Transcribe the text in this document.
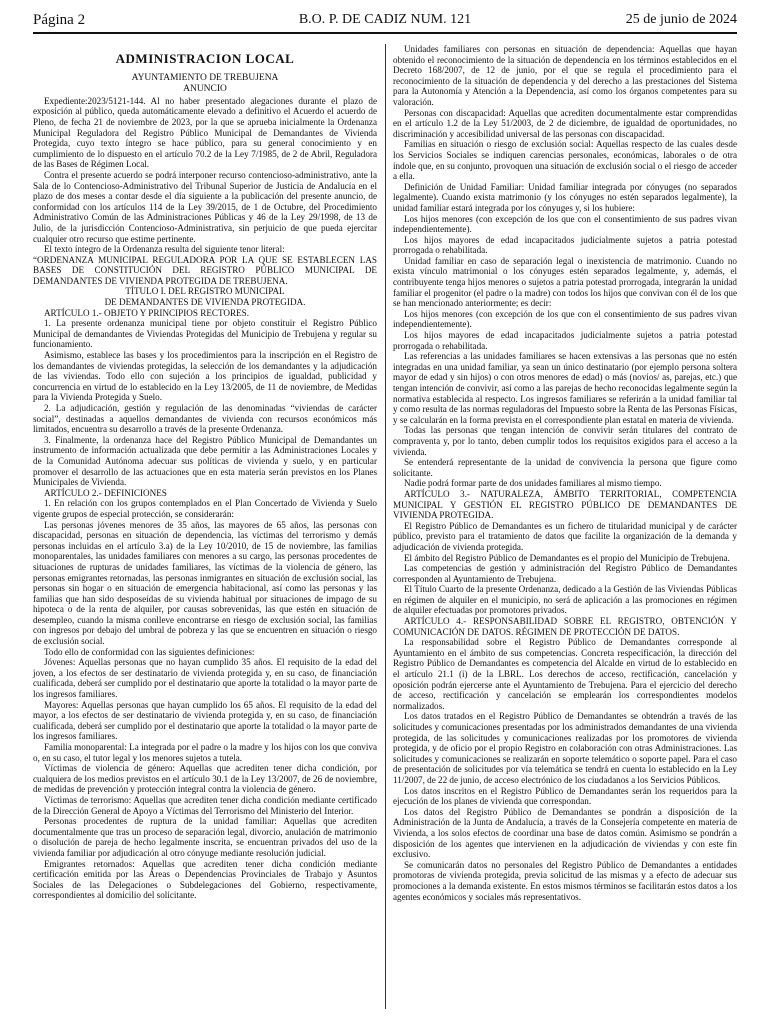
Página 2	B.O. P. DE CADIZ NUM. 121	25 de junio de 2024
ADMINISTRACION LOCAL
AYUNTAMIENTO DE TREBUJENA
ANUNCIO

Expediente:2023/5121-144. Al no haber presentado alegaciones durante el plazo de exposición al público, queda automáticamente elevado a definitivo el Acuerdo el acuerdo de Pleno, de fecha 21 de noviembre de 2023, por la que se aprueba inicialmente la Ordenanza Municipal Reguladora del Registro Público Municipal de Demandantes de Vivienda Protegida, cuyo texto íntegro se hace público, para su general conocimiento y en cumplimiento de lo dispuesto en el artículo 70.2 de la Ley 7/1985, de 2 de Abril, Reguladora de las Bases de Régimen Local.

Contra el presente acuerdo se podrá interponer recurso contencioso-administrativo, ante la Sala de lo Contencioso-Administrativo del Tribunal Superior de Justicia de Andalucía en el plazo de dos meses a contar desde el día siguiente a la publicación del presente anuncio, de conformidad con los artículos 114 de la Ley 39/2015, de 1 de Octubre, del Procedimiento Administrativo Común de las Administraciones Públicas y 46 de la Ley 29/1998, de 13 de Julio, de la jurisdicción Contencioso-Administrativa, sin perjuicio de que pueda ejercitar cualquier otro recurso que estime pertinente.

El texto íntegro de la Ordenanza resulta del siguiente tenor literal:

“ORDENANZA MUNICIPAL REGULADORA POR LA QUE SE ESTABLECEN LAS BASES DE CONSTITUCIÓN DEL REGISTRO PÚBLICO MUNICIPAL DE DEMANDANTES DE VIVIENDA PROTEGIDA DE TREBUJENA.

TÍTULO I. DEL REGISTRO MUNICIPAL

DE DEMANDANTES DE VIVIENDA PROTEGIDA.

ARTÍCULO 1.- OBJETO Y PRINCIPIOS RECTORES.

1. La presente ordenanza municipal tiene por objeto constituir el Registro Público Municipal de demandantes de Viviendas Protegidas del Municipio de Trebujena y regular su funcionamiento.

Asimismo, establece las bases y los procedimientos para la inscripción en el Registro de los demandantes de viviendas protegidas, la selección de los demandantes y la adjudicación de las viviendas. Todo ello con sujeción a los principios de igualdad, publicidad y concurrencia en virtud de lo establecido en la Ley 13/2005, de 11 de noviembre, de Medidas para la Vivienda Protegida y Suelo.

2. La adjudicación, gestión y regulación de las denominadas “viviendas de carácter social”, destinadas a aquellos demandantes de vivienda con recursos económicos más limitados, encuentra su desarrollo a través de la presente Ordenanza.

3. Finalmente, la ordenanza hace del Registro Público Municipal de Demandantes un instrumento de información actualizada que debe permitir a las Administraciones Locales y de la Comunidad Autónoma adecuar sus políticas de vivienda y suelo, y en particular promover el desarrollo de las actuaciones que en esta materia serán previstos en los Planes Municipales de Vivienda.

ARTÍCULO 2.- DEFINICIONES

1. En relación con los grupos contemplados en el Plan Concertado de Vivienda y Suelo vigente grupos de especial protección, se considerarán:

Las personas jóvenes menores de 35 años, las mayores de 65 años, las personas con discapacidad, personas en situación de dependencia, las víctimas del terrorismo y demás personas incluidas en el artículo 3.a) de la Ley 10/2010, de 15 de noviembre, las familias monoparentales, las unidades familiares con menores a su cargo, las personas procedentes de situaciones de rupturas de unidades familiares, las víctimas de la violencia de género, las personas emigrantes retornadas, las personas inmigrantes en situación de exclusión social, las personas sin hogar o en situación de emergencia habitacional, así como las personas y las familias que han sido desposeídas de su vivienda habitual por situaciones de impago de su hipoteca o de la renta de alquiler, por causas sobrevenidas, las que estén en situación de desempleo, cuando la misma conlleve encontrarse en riesgo de exclusión social, las familias con ingresos por debajo del umbral de pobreza y las que se encuentren en situación o riesgo de exclusión social.

Todo ello de conformidad con las siguientes definiciones:

Jóvenes: Aquellas personas que no hayan cumplido 35 años. El requisito de la edad del joven, a los efectos de ser destinatario de vivienda protegida y, en su caso, de financiación cualificada, deberá ser cumplido por el destinatario que aporte la totalidad o la mayor parte de los ingresos familiares.

Mayores: Aquellas personas que hayan cumplido los 65 años. El requisito de la edad del mayor, a los efectos de ser destinatario de vivienda protegida y, en su caso, de financiación cualificada, deberá ser cumplido por el destinatario que aporte la totalidad o la mayor parte de los ingresos familiares.

Familia monoparental: La integrada por el padre o la madre y los hijos con los que conviva o, en su caso, el tutor legal y los menores sujetos a tutela.

Víctimas de violencia de género: Aquellas que acrediten tener dicha condición, por cualquiera de los medios previstos en el artículo 30.1 de la Ley 13/2007, de 26 de noviembre, de medidas de prevención y protección integral contra la violencia de género.

Víctimas de terrorismo: Aquellas que acrediten tener dicha condición mediante certificado de la Dirección General de Apoyo a Víctimas del Terrorismo del Ministerio del Interior.

Personas procedentes de ruptura de la unidad familiar: Aquellas que acrediten documentalmente que tras un proceso de separación legal, divorcio, anulación de matrimonio o disolución de pareja de hecho legalmente inscrita, se encuentran privados del uso de la vivienda familiar por adjudicación al otro cónyuge mediante resolución judicial.

Emigrantes retornados: Aquellas que acrediten tener dicha condición mediante certificación emitida por las Áreas o Dependencias Provinciales de Trabajo y Asuntos Sociales de las Delegaciones o Subdelegaciones del Gobierno, respectivamente, correspondientes al domicilio del solicitante.

Unidades familiares con personas en situación de dependencia: Aquellas que hayan obtenido el reconocimiento de la situación de dependencia en los términos establecidos en el Decreto 168/2007, de 12 de junio, por el que se regula el procedimiento para el reconocimiento de la situación de dependencia y del derecho a las prestaciones del Sistema para la Autonomía y Atención a la Dependencia, así como los órganos competentes para su valoración.

Personas con discapacidad: Aquellas que acrediten documentalmente estar comprendidas en el artículo 1.2 de la Ley 51/2003, de 2 de diciembre, de igualdad de oportunidades, no discriminación y accesibilidad universal de las personas con discapacidad.

Familias en situación o riesgo de exclusión social: Aquellas respecto de las cuales desde los Servicios Sociales se indiquen carencias personales, económicas, laborales o de otra índole que, en su conjunto, provoquen una situación de exclusión social o el riesgo de acceder a ella.

Definición de Unidad Familiar: Unidad familiar integrada por cónyuges (no separados legalmente). Cuando exista matrimonio (y los cónyuges no estén separados legalmente), la unidad familiar estará integrada por los cónyuges y, si los hubiere:

Los hijos menores (con excepción de los que con el consentimiento de sus padres vivan independientemente).

Los hijos mayores de edad incapacitados judicialmente sujetos a patria potestad prorrogada o rehabilitada.

Unidad familiar en caso de separación legal o inexistencia de matrimonio. Cuando no exista vínculo matrimonial o los cónyuges estén separados legalmente, y, además, el contribuyente tenga hijos menores o sujetos a patria potestad prorrogada, integrarán la unidad familiar el progenitor (el padre o la madre) con todos los hijos que convivan con él de los que se han mencionado anteriormente; es decir:

Los hijos menores (con excepción de los que con el consentimiento de sus padres vivan independientemente).

Los hijos mayores de edad incapacitados judicialmente sujetos a patria potestad prorrogada o rehabilitada.

Las referencias a las unidades familiares se hacen extensivas a las personas que no estén integradas en una unidad familiar, ya sean un único destinatario (por ejemplo persona soltera mayor de edad y sin hijos) o con otros menores de edad) o más (novios/ as, parejas, etc.) que tengan intención de convivir, así como a las parejas de hecho reconocidas legalmente según la normativa establecida al respecto. Los ingresos familiares se referirán a la unidad familiar tal y como resulta de las normas reguladoras del Impuesto sobre la Renta de las Personas Físicas, y se calcularán en la forma prevista en el correspondiente plan estatal en materia de vivienda.

Todas las personas que tengan intención de convivir serán titulares del contrato de compraventa y, por lo tanto, deben cumplir todos los requisitos exigidos para el acceso a la vivienda.

Se entenderá representante de la unidad de convivencia la persona que figure como solicitante.

Nadie podrá formar parte de dos unidades familiares al mismo tiempo.

ARTÍCULO 3.- NATURALEZA, ÁMBITO TERRITORIAL, COMPETENCIA MUNICIPAL Y GESTIÓN EL REGISTRO PÚBLICO DE DEMANDANTES DE VIVIENDA PROTEGIDA.

El Registro Público de Demandantes es un fichero de titularidad municipal y de carácter público, previsto para el tratamiento de datos que facilite la organización de la demanda y adjudicación de vivienda protegida.

El ámbito del Registro Público de Demandantes es el propio del Municipio de Trebujena.

Las competencias de gestión y administración del Registro Público de Demandantes corresponden al Ayuntamiento de Trebujena.

El Título Cuarto de la presente Ordenanza, dedicado a la Gestión de las Viviendas Públicas en régimen de alquiler en el municipio, no será de aplicación a las promociones en régimen de alquiler efectuadas por promotores privados.

ARTÍCULO 4.- RESPONSABILIDAD SOBRE EL REGISTRO, OBTENCIÓN Y COMUNICACIÓN DE DATOS. RÉGIMEN DE PROTECCIÓN DE DATOS.

La responsabilidad sobre el Registro Público de Demandantes corresponde al Ayuntamiento en el ámbito de sus competencias. Concreta respecificación, la dirección del Registro Público de Demandantes es competencia del Alcalde en virtud de lo establecido en el artículo 21.1 (i) de la LBRL. Los derechos de acceso, rectificación, cancelación y oposición podrán ejercerse ante el Ayuntamiento de Trebujena. Para el ejercicio del derecho de acceso, rectificación y cancelación se emplearán los correspondientes modelos normalizados.

Los datos tratados en el Registro Público de Demandantes se obtendrán a través de las solicitudes y comunicaciones presentadas por los administrados demandantes de una vivienda protegida, de las solicitudes y comunicaciones realizadas por los promotores de vivienda protegida, y de oficio por el propio Registro en colaboración con otras Administraciones. Las solicitudes y comunicaciones se realizarán en soporte telemático o soporte papel. Para el caso de presentación de solicitudes por vía telemática se tendrá en cuenta lo establecido en la Ley 11/2007, de 22 de junio, de acceso electrónico de los ciudadanos a los Servicios Públicos.

Los datos inscritos en el Registro Público de Demandantes serán los requeridos para la ejecución de los planes de vivienda que correspondan.

Los datos del Registro Público de Demandantes se pondrán a disposición de la Administración de la Junta de Andalucía, a través de la Consejería competente en materia de Vivienda, a los solos efectos de coordinar una base de datos común. Asimismo se pondrán a disposición de los agentes que intervienen en la adjudicación de viviendas y con este fin exclusivo.

Se comunicarán datos no personales del Registro Público de Demandantes a entidades promotoras de vivienda protegida, previa solicitud de las mismas y a efecto de adecuar sus promociones a la demanda existente. En estos mismos términos se facilitarán estos datos a los agentes económicos y sociales más representativos.
